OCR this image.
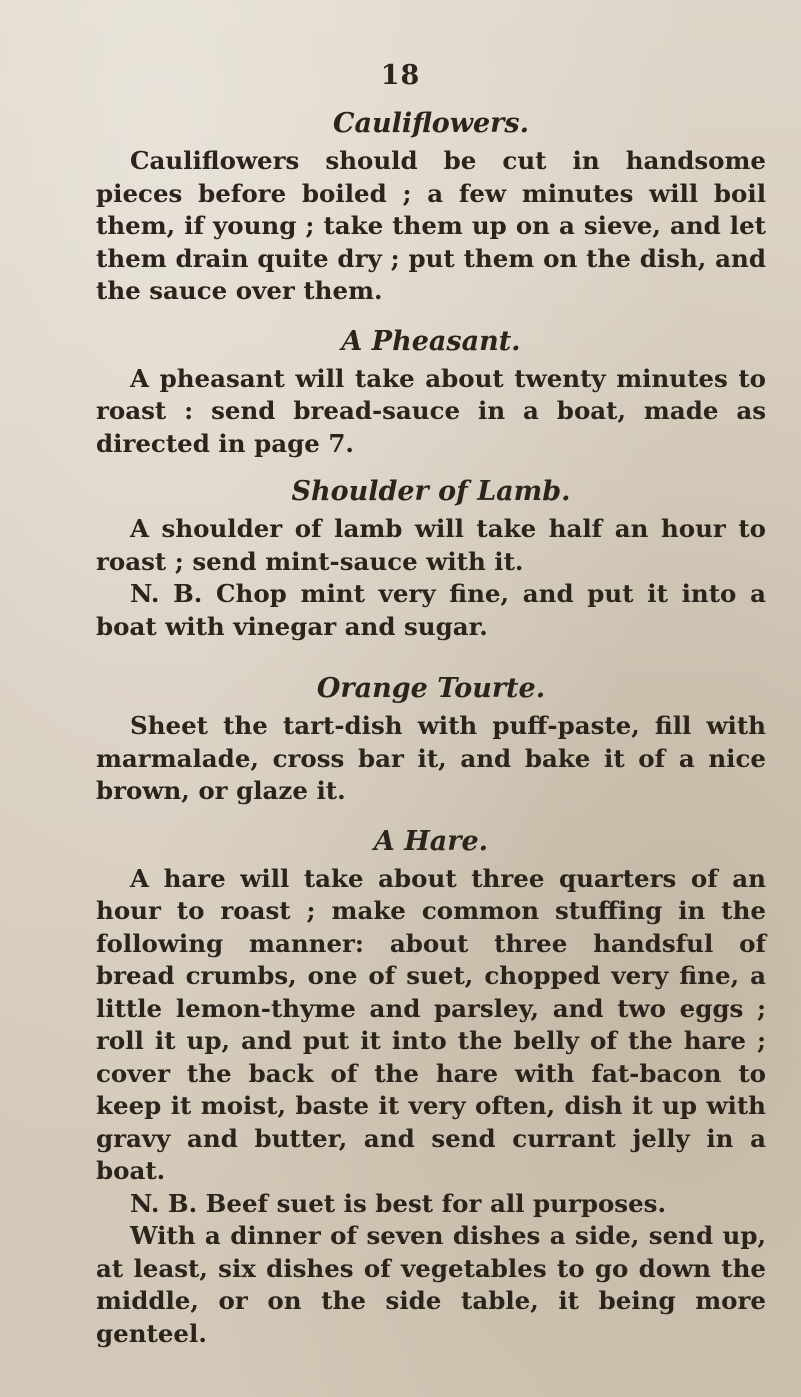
18
Cauliflowers.

Cauliflowers should be cut in handsome pieces before boiled ; a few minutes will boil them, if young ; take them up on a sieve, and let them drain quite dry ; put them on the dish, and the sauce over them.

A Pheasant.

A pheasant will take about twenty minutes to roast : send bread-sauce in a boat, made as directed in page 7.

Shoulder of Lamb.

A shoulder of lamb will take half an hour to roast ; send mint-sauce with it.

N. B. Chop mint very fine, and put it into a boat with vinegar and sugar.

Orange Tourte.

Sheet the tart-dish with puff-paste, fill with marmalade, cross bar it, and bake it of a nice brown, or glaze it.

A Hare.

A hare will take about three quarters of an hour to roast ; make common stuffing in the following manner: about three handsful of bread crumbs, one of suet, chopped very fine, a little lemon-thyme and parsley, and two eggs ; roll it up, and put it into the belly of the hare ; cover the back of the hare with fat-bacon to keep it moist, baste it very often, dish it up with gravy and butter, and send currant jelly in a boat.

N. B. Beef suet is best for all purposes.

With a dinner of seven dishes a side, send up, at least, six dishes of vegetables to go down the middle, or on the side table, it being more genteel.
